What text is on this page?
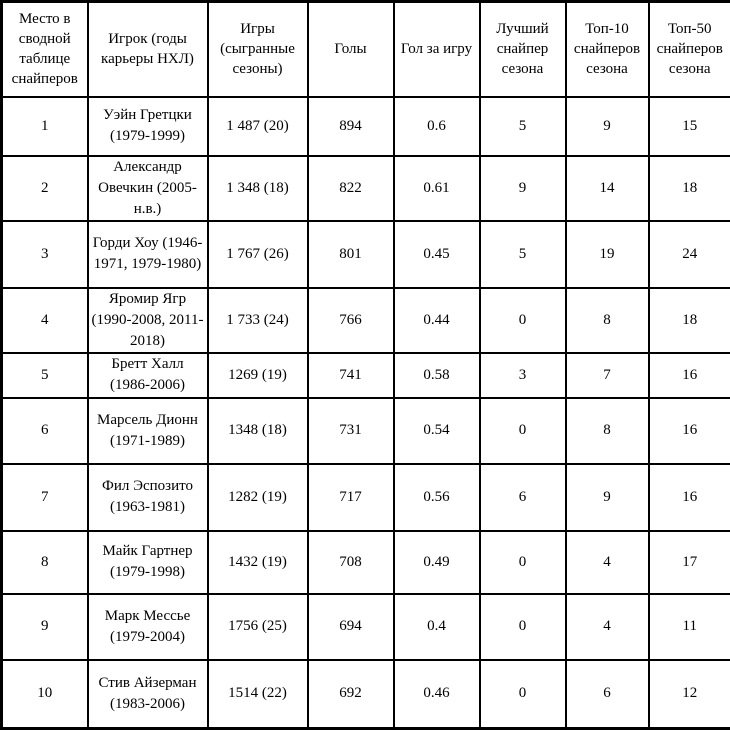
Место в сводной таблице снайперов	Игрок (годы карьеры НХЛ)	Игры (сыгранные сезоны)	Голы	Гол за игру	Лучший снайпер сезона	Топ-10 снайперов сезона	Топ-50 снайперов сезона
1	Уэйн Гретцки (1979-1999)	1 487 (20)	894	0.6	5	9	15
2	Александр Овечкин (2005-н.в.)	1 348 (18)	822	0.61	9	14	18
3	Горди Хоу (1946-1971, 1979-1980)	1 767 (26)	801	0.45	5	19	24
4	Яромир Ягр (1990-2008, 2011-2018)	1 733 (24)	766	0.44	0	8	18
5	Бретт Халл (1986-2006)	1269 (19)	741	0.58	3	7	16
6	Марсель Дионн (1971-1989)	1348 (18)	731	0.54	0	8	16
7	Фил Эспозито (1963-1981)	1282 (19)	717	0.56	6	9	16
8	Майк Гартнер (1979-1998)	1432 (19)	708	0.49	0	4	17
9	Марк Мессье (1979-2004)	1756 (25)	694	0.4	0	4	11
10	Стив Айзерман (1983-2006)	1514 (22)	692	0.46	0	6	12
